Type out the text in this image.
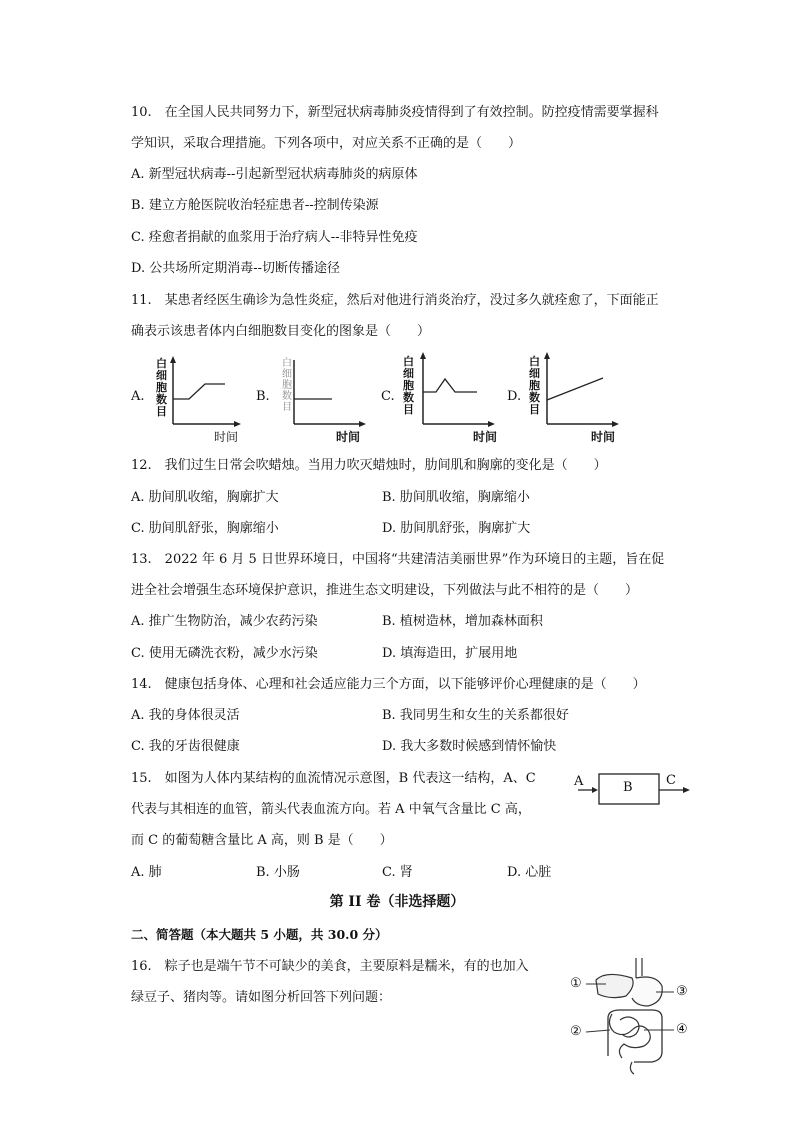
10.　在全国人民共同努力下，新型冠状病毒肺炎疫情得到了有效控制。防控疫情需要掌握科
学知识，采取合理措施。下列各项中，对应关系不正确的是（　　）
A. 新型冠状病毒--引起新型冠状病毒肺炎的病原体
B. 建立方舱医院收治轻症患者--控制传染源
C. 痊愈者捐献的血浆用于治疗病人--非特异性免疫
D. 公共场所定期消毒--切断传播途径
11.　某患者经医生确诊为急性炎症，然后对他进行消炎治疗，没过多久就痊愈了，下面能正
确表示该患者体内白细胞数目变化的图象是（　　）
A.
白
细
胞
数
目
时间
B.
白
细
胞
数
目
时间
C.
白
细
胞
数
目
时间
D.
白
细
胞
数
目
时间
12.　我们过生日常会吹蜡烛。当用力吹灭蜡烛时，肋间肌和胸廓的变化是（　　）
A. 肋间肌收缩，胸廓扩大	B. 肋间肌收缩，胸廓缩小
C. 肋间肌舒张，胸廓缩小	D. 肋间肌舒张，胸廓扩大
13.　2022 年 6 月 5 日世界环境日，中国将“共建清洁美丽世界”作为环境日的主题，旨在促
进全社会增强生态环境保护意识，推进生态文明建设，下列做法与此不相符的是（　　）
A. 推广生物防治，减少农药污染	B. 植树造林，增加森林面积
C. 使用无磷洗衣粉，减少水污染	D. 填海造田，扩展用地
14.　健康包括身体、心理和社会适应能力三个方面，以下能够评价心理健康的是（　　）
A. 我的身体很灵活	B. 我同男生和女生的关系都很好
C. 我的牙齿很健康	D. 我大多数时候感到情怀愉快
15.　如图为人体内某结构的血流情况示意图，B 代表这一结构，A、C
代表与其相连的血管，箭头代表血流方向。若 A 中氧气含量比 C 高，
而 C 的葡萄糖含量比 A 高，则 B 是（　　）
A. 肺	B. 小肠	C. 肾	D. 心脏
A	B	C
第 II 卷（非选择题）
二、简答题（本大题共 5 小题，共 30.0 分）
16.　粽子也是端午节不可缺少的美食，主要原料是糯米，有的也加入
绿豆子、猪肉等。请如图分析回答下列问题：
①
②
③
④
